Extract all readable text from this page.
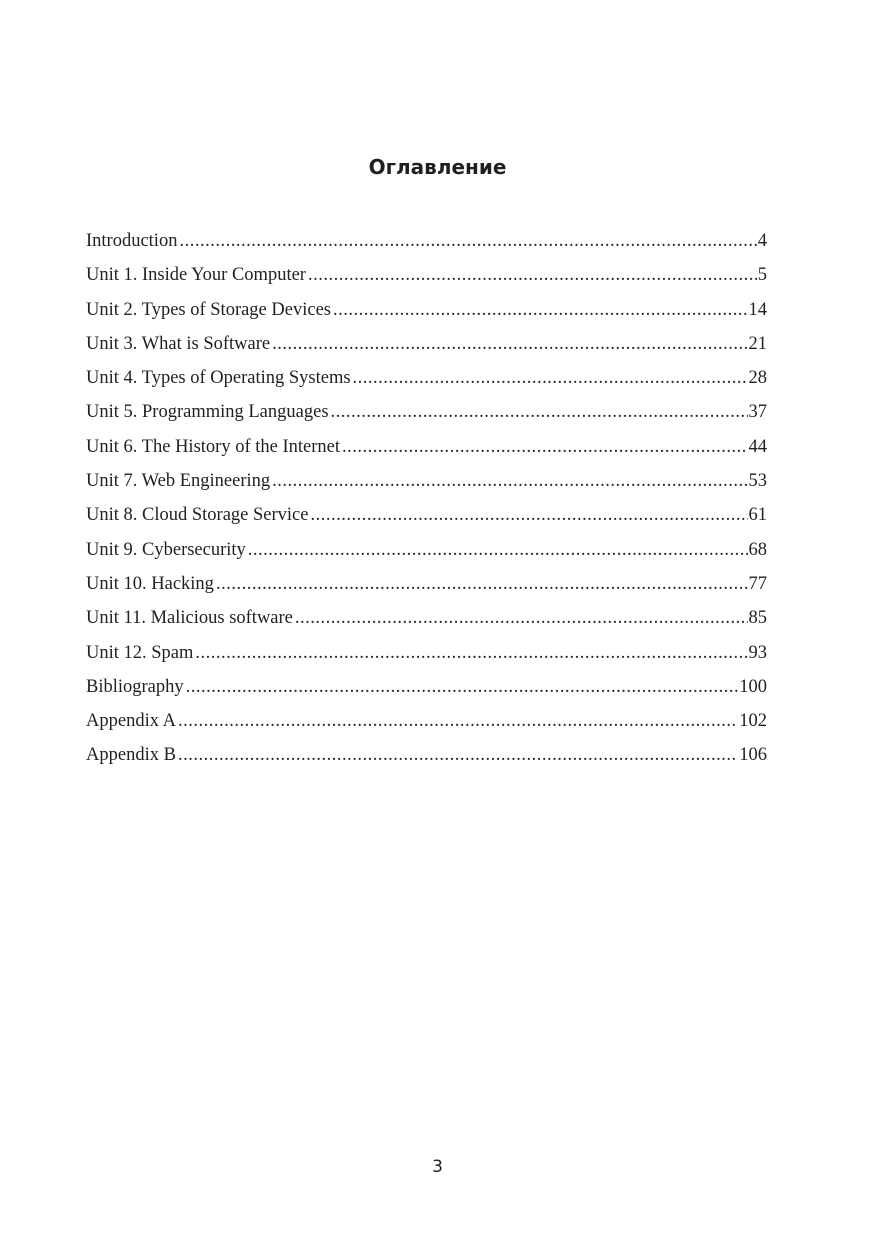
Оглавление
Introduction .....	4
Unit 1. Inside Your Computer .....	5
Unit 2. Types of Storage Devices .....	14
Unit 3. What is Software .....	21
Unit 4. Types of Operating Systems .....	28
Unit 5. Programming Languages .....	37
Unit 6. The History of the Internet .....	44
Unit 7. Web Engineering .....	53
Unit 8. Cloud Storage Service .....	61
Unit 9. Cybersecurity .....	68
Unit 10. Hacking .....	77
Unit 11. Malicious software .....	85
Unit 12. Spam .....	93
Bibliography .....	100
Appendix A .....	102
Appendix B .....	106
3
